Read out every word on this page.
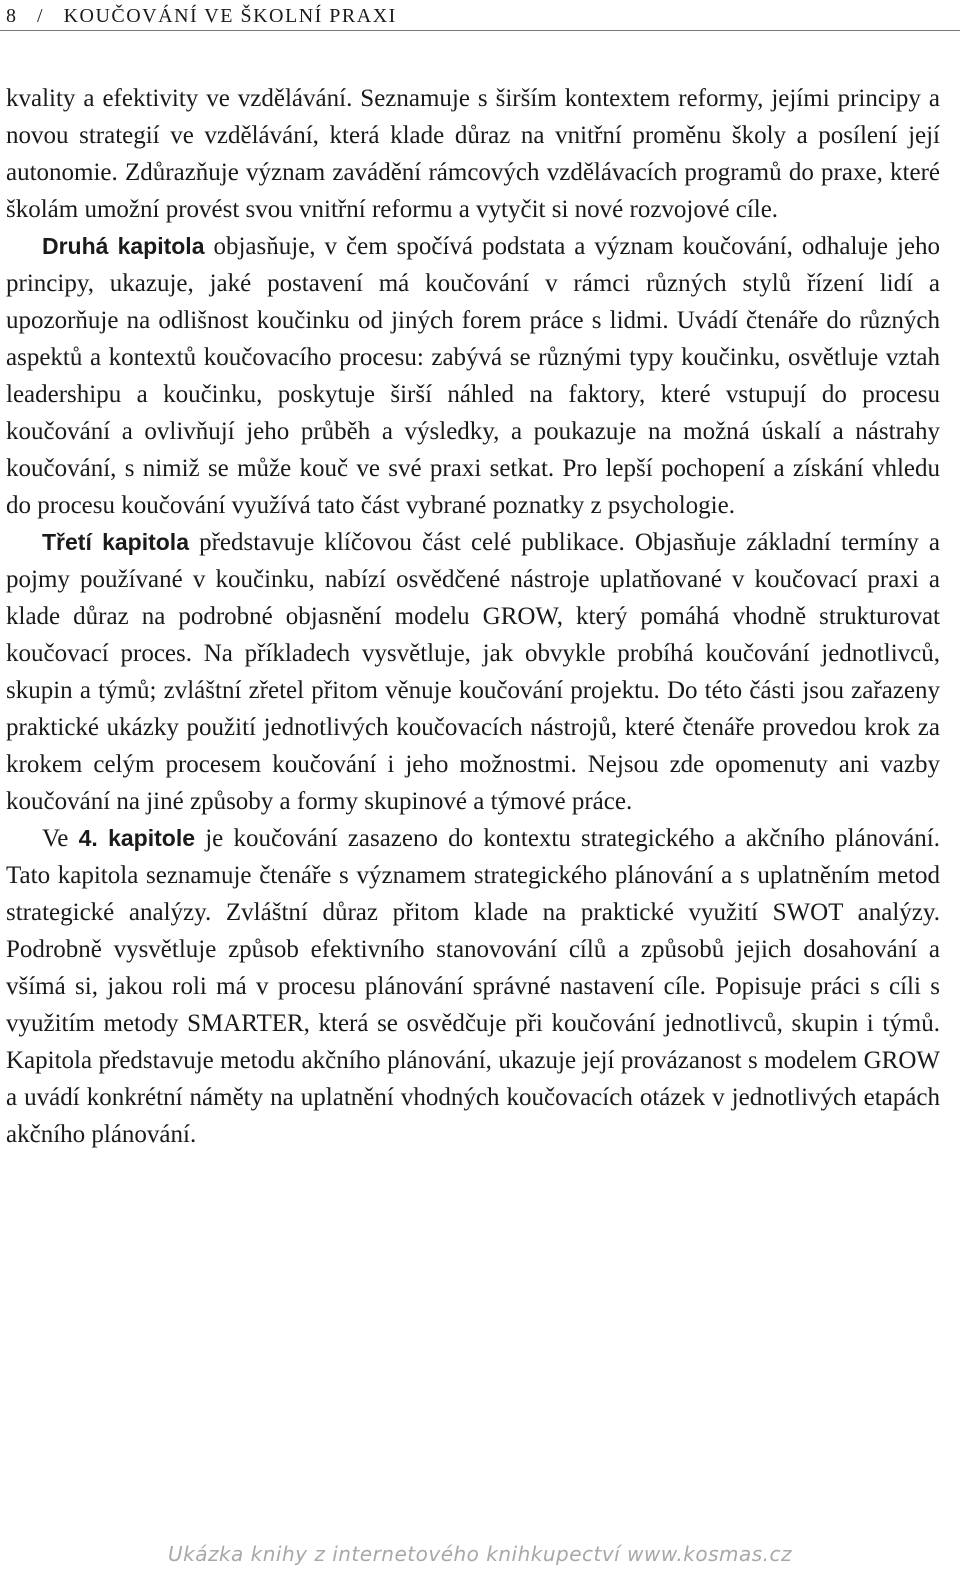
8 / KOUČOVÁNÍ VE ŠKOLNÍ PRAXI

kvality a efektivity ve vzdělávání. Seznamuje s širším kontextem reformy, jejími principy a novou strategií ve vzdělávání, která klade důraz na vnitřní proměnu školy a posílení její autonomie. Zdůrazňuje význam zavádění rámcových vzdělávacích programů do praxe, které školám umožní provést svou vnitřní reformu a vytyčit si nové rozvojové cíle.

Druhá kapitola objasňuje, v čem spočívá podstata a význam koučování, odhaluje jeho principy, ukazuje, jaké postavení má koučování v rámci různých stylů řízení lidí a upozorňuje na odlišnost koučinku od jiných forem práce s lidmi. Uvádí čtenáře do různých aspektů a kontextů koučovacího procesu: zabývá se různými typy koučinku, osvětluje vztah leadershipu a koučinku, poskytuje širší náhled na faktory, které vstupují do procesu koučování a ovlivňují jeho průběh a výsledky, a poukazuje na možná úskalí a nástrahy koučování, s nimiž se může kouč ve své praxi setkat. Pro lepší pochopení a získání vhledu do procesu koučování využívá tato část vybrané poznatky z psychologie.

Třetí kapitola představuje klíčovou část celé publikace. Objasňuje základní termíny a pojmy používané v koučinku, nabízí osvědčené nástroje uplatňované v koučovací praxi a klade důraz na podrobné objasnění modelu GROW, který pomáhá vhodně strukturovat koučovací proces. Na příkladech vysvětluje, jak obvykle probíhá koučování jednotlivců, skupin a týmů; zvláštní zřetel přitom věnuje koučování projektu. Do této části jsou zařazeny praktické ukázky použití jednotlivých koučovacích nástrojů, které čtenáře provedou krok za krokem celým procesem koučování i jeho možnostmi. Nejsou zde opomenuty ani vazby koučování na jiné způsoby a formy skupinové a týmové práce.

Ve 4. kapitole je koučování zasazeno do kontextu strategického a akčního plánování. Tato kapitola seznamuje čtenáře s významem strategického plánování a s uplatněním metod strategické analýzy. Zvláštní důraz přitom klade na praktické využití SWOT analýzy. Podrobně vysvětluje způsob efektivního stanovování cílů a způsobů jejich dosahování a všímá si, jakou roli má v procesu plánování správné nastavení cíle. Popisuje práci s cíli s využitím metody SMARTER, která se osvědčuje při koučování jednotlivců, skupin i týmů. Kapitola představuje metodu akčního plánování, ukazuje její provázanost s modelem GROW a uvádí konkrétní náměty na uplatnění vhodných koučovacích otázek v jednotlivých etapách akčního plánování.

Ukázka knihy z internetového knihkupectví www.kosmas.cz
